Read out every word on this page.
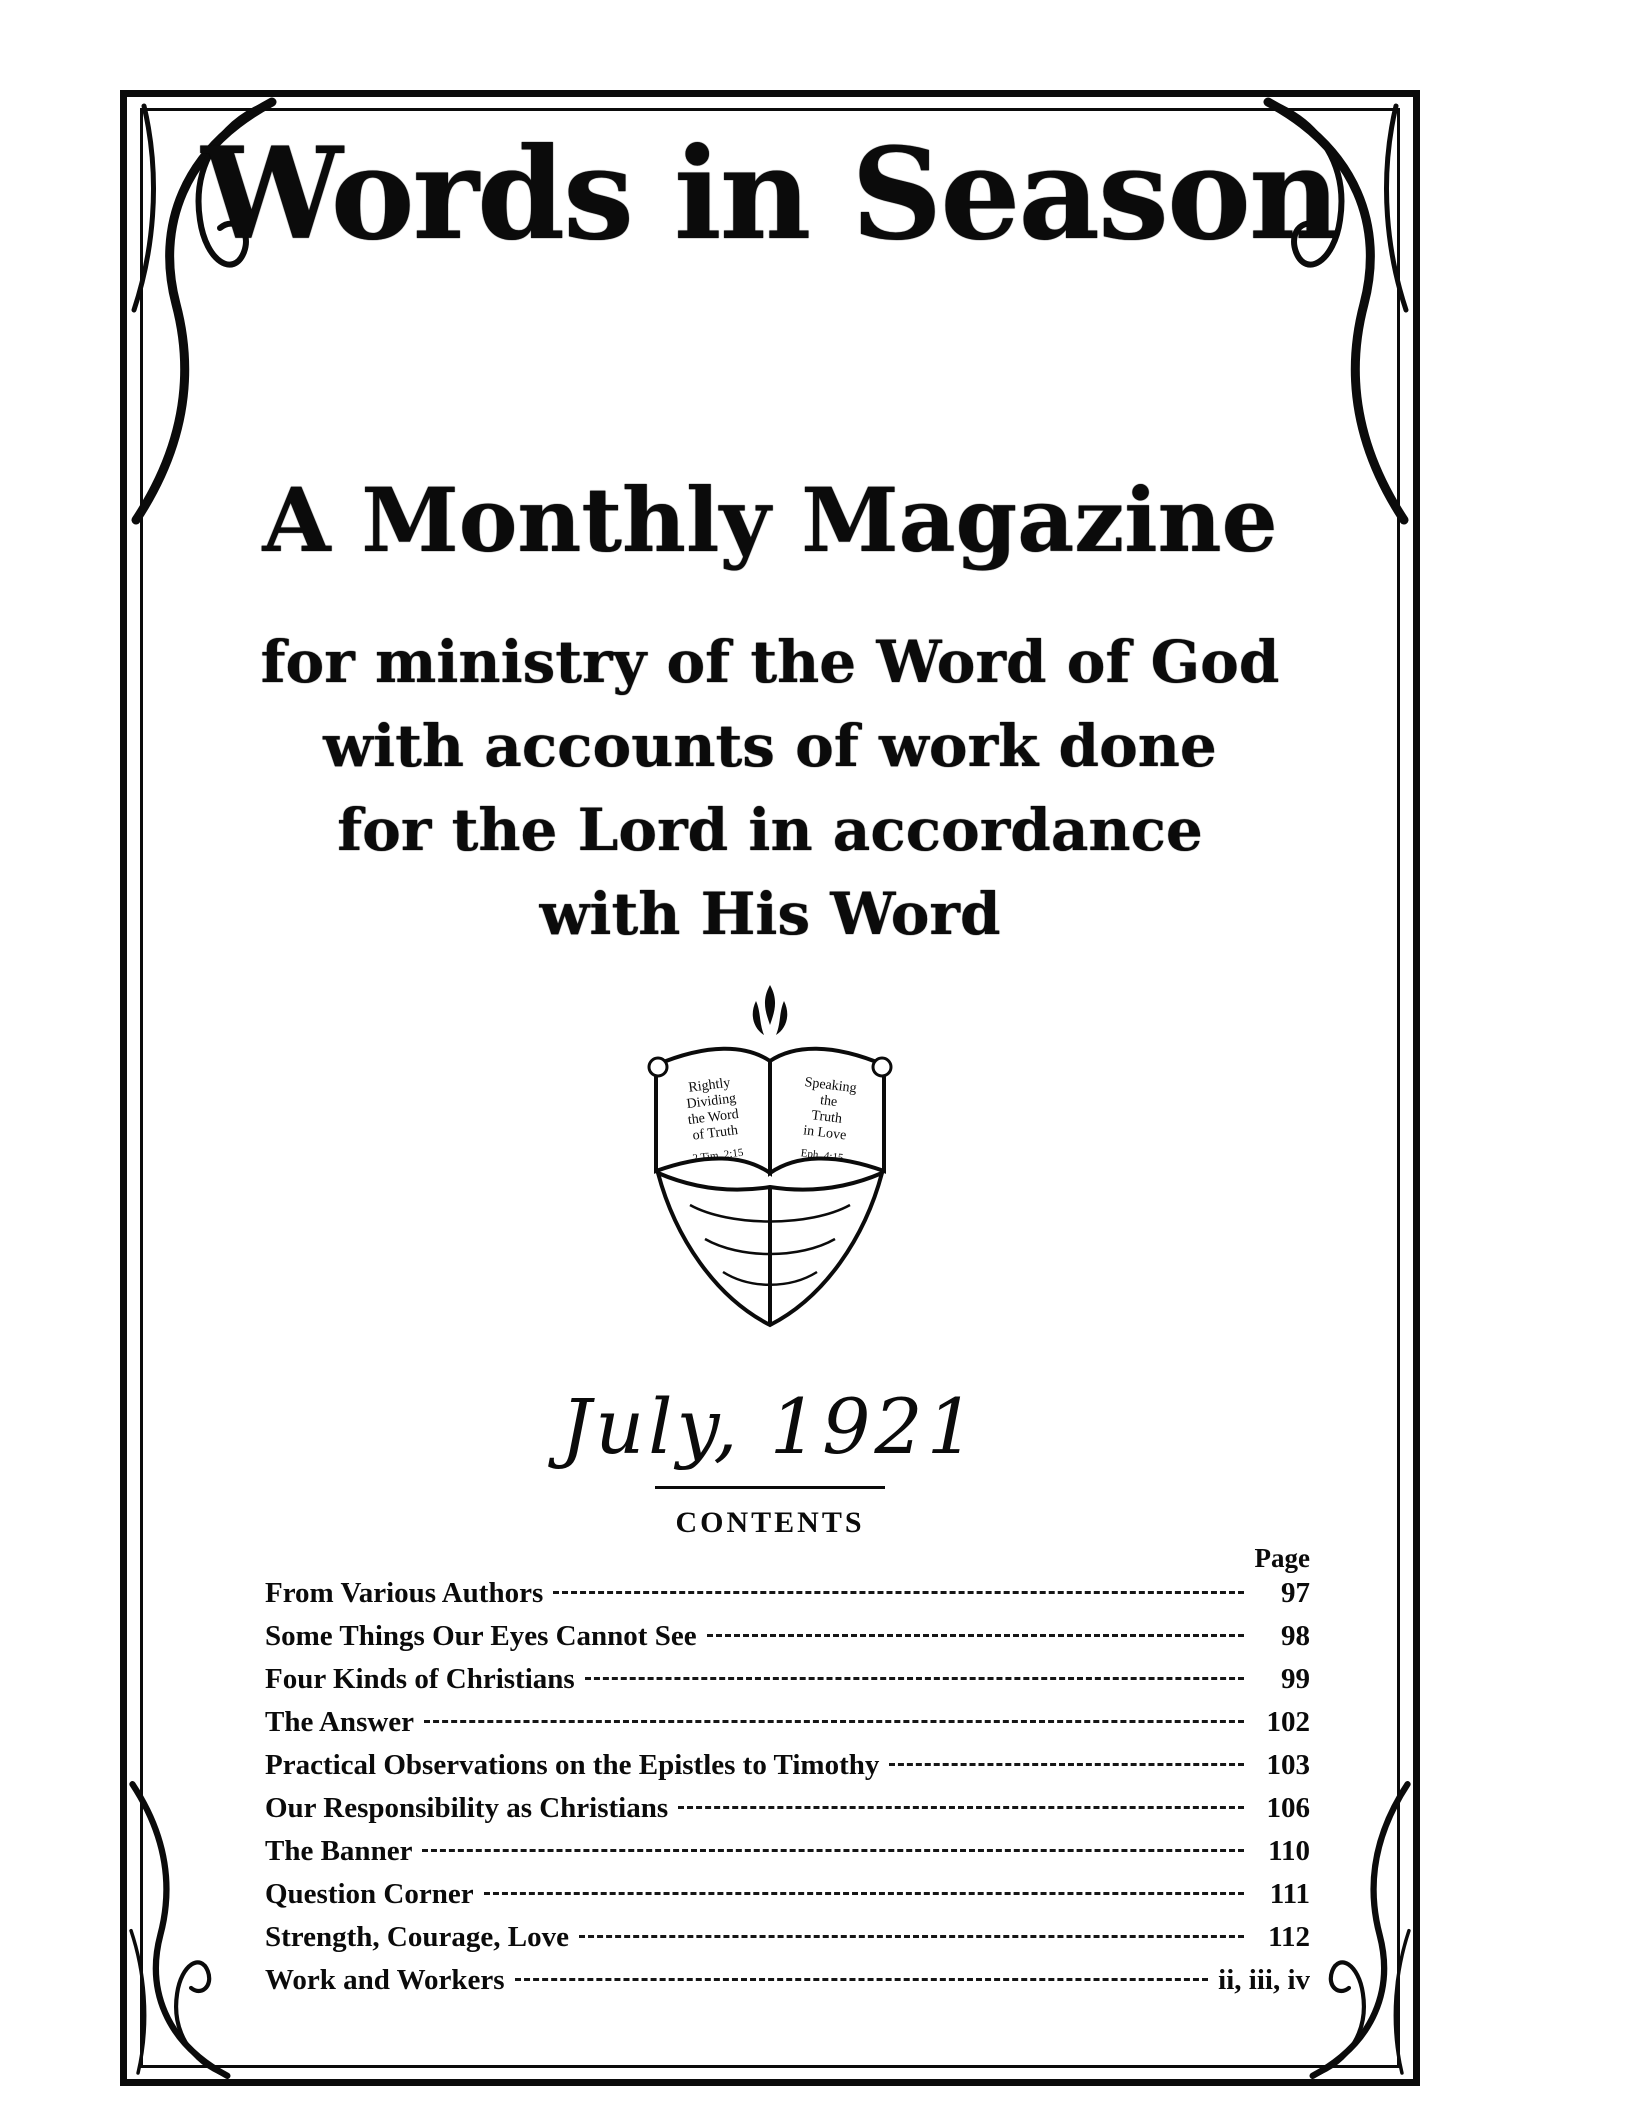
Words in Season
A Monthly Magazine
for ministry of the Word of God
with accounts of work done
for the Lord in accordance
with His Word
Rightly
Dividing
the Word
of Truth
2 Tim. 2:15
Speaking
the
Truth
in Love
Eph. 4:15
July, 1921
CONTENTS
Page
From Various Authors	97
Some Things Our Eyes Cannot See	98
Four Kinds of Christians	99
The Answer	102
Practical Observations on the Epistles to Timothy	103
Our Responsibility as Christians	106
The Banner	110
Question Corner	111
Strength, Courage, Love	112
Work and Workers	ii, iii, iv
